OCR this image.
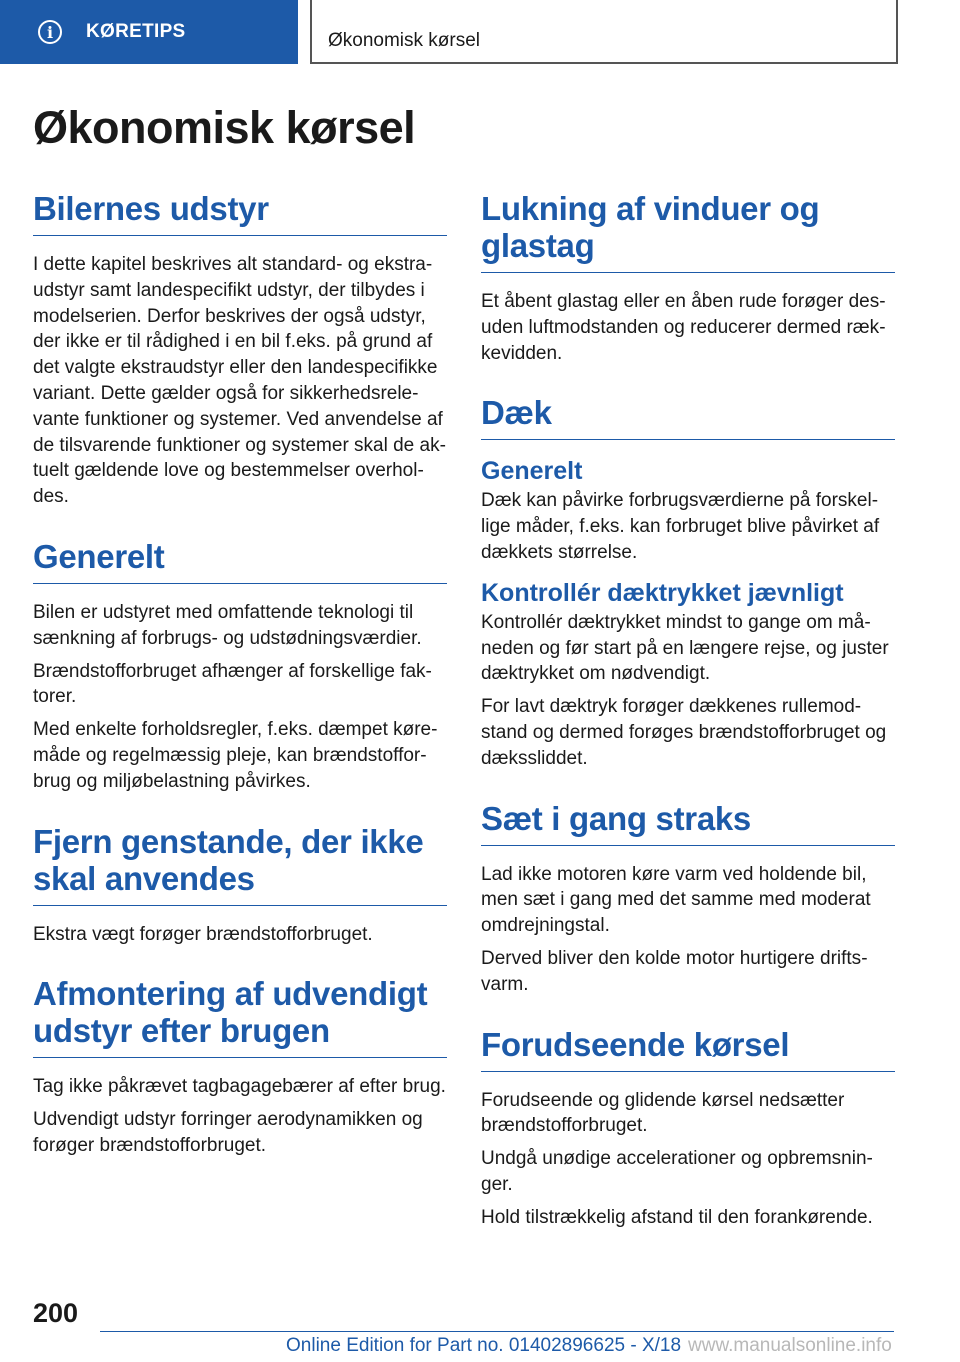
i	KØRETIPS	Økonomisk kørsel
Økonomisk kørsel
Bilernes udstyr

I dette kapitel beskrives alt standard- og ekstraudstyr samt landespecifikt udstyr, der tilbydes i modelserien. Derfor beskrives der også udstyr, der ikke er til rådighed i en bil f.eks. på grund af det valgte ekstraudstyr eller den landespecifikke variant. Dette gælder også for sikkerhedsrelevante funktioner og systemer. Ved anvendelse af de tilsvarende funktioner og systemer skal de aktuelt gældende love og bestemmelser overholdes.

Generelt

Bilen er udstyret med omfattende teknologi til sænkning af forbrugs- og udstødningsværdier.

Brændstofforbruget afhænger af forskellige faktorer.

Med enkelte forholdsregler, f.eks. dæmpet køremåde og regelmæssig pleje, kan brændstofforbrug og miljøbelastning påvirkes.

Fjern genstande, der ikke skal anvendes

Ekstra vægt forøger brændstofforbruget.

Afmontering af udvendigt udstyr efter brugen

Tag ikke påkrævet tagbagagebærer af efter brug.

Udvendigt udstyr forringer aerodynamikken og forøger brændstofforbruget.

Lukning af vinduer og glastag

Et åbent glastag eller en åben rude forøger desuden luftmodstanden og reducerer dermed rækkevidden.

Dæk
Generelt

Dæk kan påvirke forbrugsværdierne på forskellige måder, f.eks. kan forbruget blive påvirket af dækkets størrelse.

Kontrollér dæktrykket jævnligt

Kontrollér dæktrykket mindst to gange om måneden og før start på en længere rejse, og juster dæktrykket om nødvendigt.

For lavt dæktryk forøger dækkenes rullemodstand og dermed forøges brændstofforbruget og dækssliddet.

Sæt i gang straks

Lad ikke motoren køre varm ved holdende bil, men sæt i gang med det samme med moderat omdrejningstal.

Derved bliver den kolde motor hurtigere driftsvarm.

Forudseende kørsel

Forudseende og glidende kørsel nedsætter brændstofforbruget.

Undgå unødige accelerationer og opbremsninger.

Hold tilstrækkelig afstand til den forankørende.

200
Online Edition for Part no. 01402896625 - X/18 www.manualsonline.info
